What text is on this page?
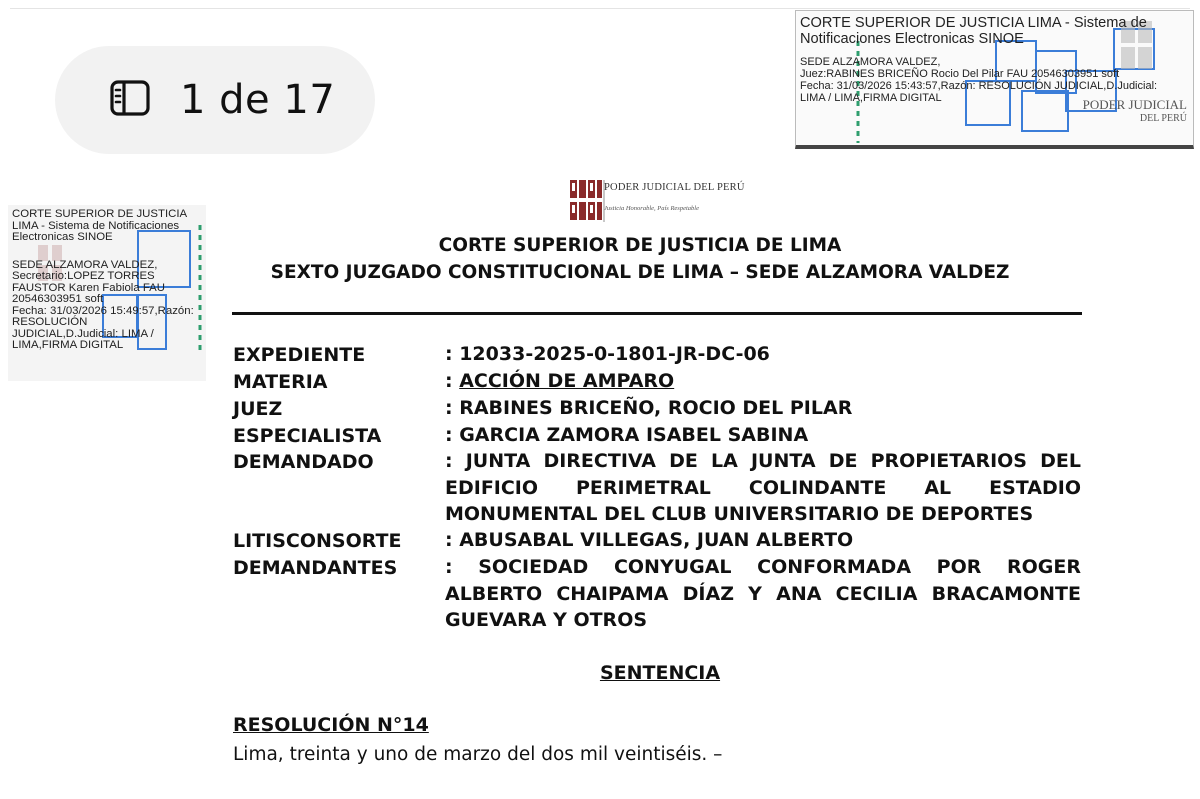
1 de 17	PODER JUDICIAL
DEL PERÚ
CORTE SUPERIOR DE JUSTICIA LIMA - Sistema de
Notificaciones Electronicas SINOE
SEDE ALZAMORA VALDEZ,
Juez:RABINES BRICEÑO Rocio Del Pilar FAU 20546303951 soft
Fecha: 31/03/2026 15:43:57,Razón: RESOLUCIÓN JUDICIAL,D.Judicial:
LIMA / LIMA,FIRMA DIGITAL
CORTE SUPERIOR DE JUSTICIA
LIMA - Sistema de Notificaciones
Electronicas SINOE
SEDE ALZAMORA VALDEZ,
Secretario:LOPEZ TORRES
FAUSTOR Karen Fabiola FAU
20546303951 soft
Fecha: 31/03/2026 15:49:57,Razón:
RESOLUCIÓN
JUDICIAL,D.Judicial: LIMA /
LIMA,FIRMA DIGITAL
PODER JUDICIAL DEL PERÚ
Justicia Honorable, País Respetable
CORTE SUPERIOR DE JUSTICIA DE LIMA
SEXTO JUZGADO CONSTITUCIONAL DE LIMA – SEDE ALZAMORA VALDEZ
EXPEDIENTE	: 12033-2025-0-1801-JR-DC-06
MATERIA	: ACCIÓN DE AMPARO
JUEZ	: RABINES BRICEÑO, ROCIO DEL PILAR
ESPECIALISTA	: GARCIA ZAMORA ISABEL SABINA
DEMANDADO	: JUNTA DIRECTIVA DE LA JUNTA DE PROPIETARIOS DEL EDIFICIO PERIMETRAL COLINDANTE AL ESTADIO MONUMENTAL DEL CLUB UNIVERSITARIO DE DEPORTES
LITISCONSORTE : ABUSABAL VILLEGAS, JUAN ALBERTO
DEMANDANTES	: SOCIEDAD CONYUGAL CONFORMADA POR ROGER ALBERTO CHAIPAMA DÍAZ Y ANA CECILIA BRACAMONTE GUEVARA Y OTROS
SENTENCIA
RESOLUCIÓN N°14
Lima, treinta y uno de marzo del dos mil veintiséis. –
